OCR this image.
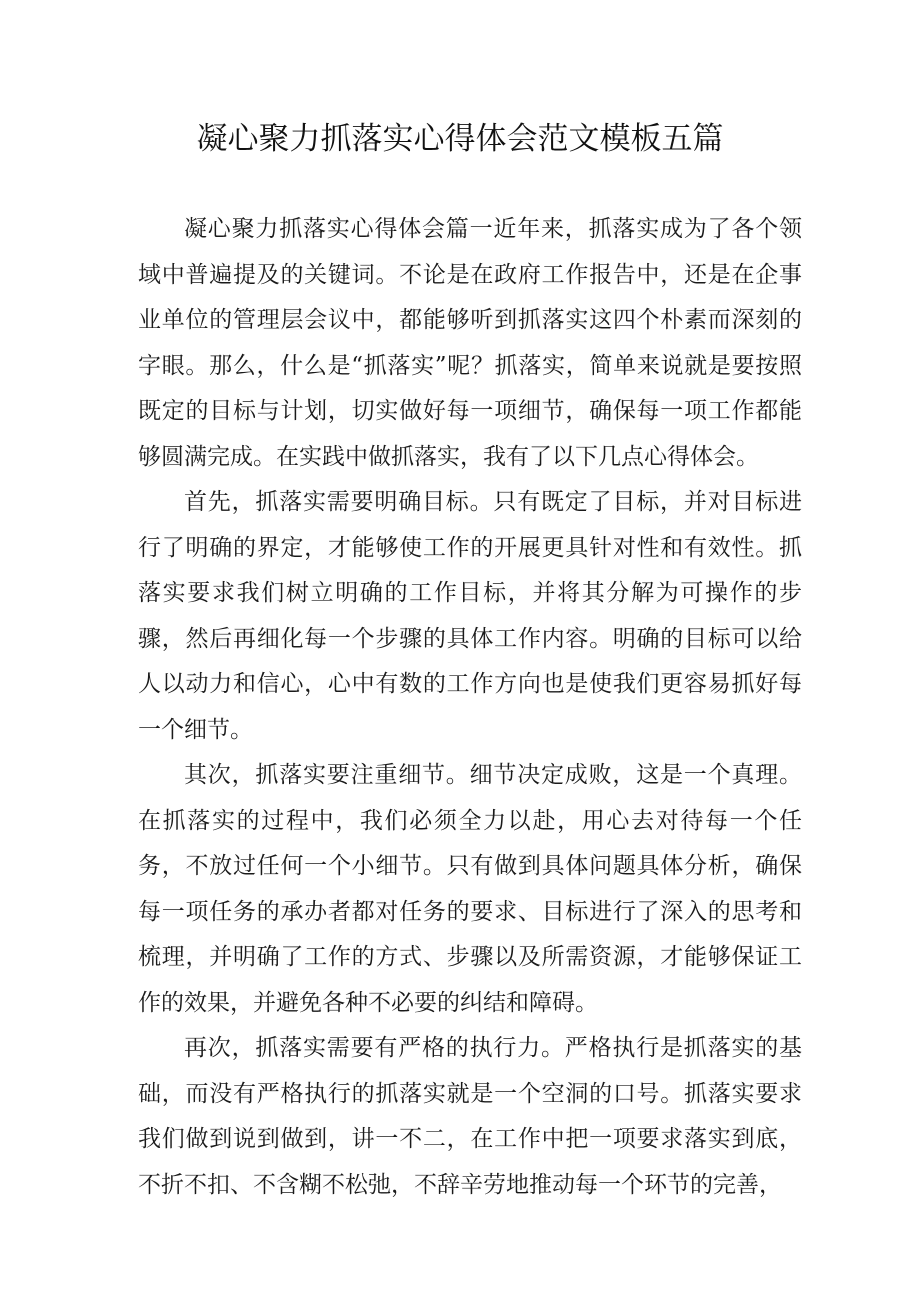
凝心聚力抓落实心得体会范文模板五篇

凝心聚力抓落实心得体会篇一近年来，抓落实成为了各个领域中普遍提及的关键词。不论是在政府工作报告中，还是在企事业单位的管理层会议中，都能够听到抓落实这四个朴素而深刻的字眼。那么，什么是“抓落实”呢？抓落实，简单来说就是要按照既定的目标与计划，切实做好每一项细节，确保每一项工作都能够圆满完成。在实践中做抓落实，我有了以下几点心得体会。

首先，抓落实需要明确目标。只有既定了目标，并对目标进行了明确的界定，才能够使工作的开展更具针对性和有效性。抓落实要求我们树立明确的工作目标，并将其分解为可操作的步骤，然后再细化每一个步骤的具体工作内容。明确的目标可以给人以动力和信心，心中有数的工作方向也是使我们更容易抓好每一个细节。

其次，抓落实要注重细节。细节决定成败，这是一个真理。在抓落实的过程中，我们必须全力以赴，用心去对待每一个任务，不放过任何一个小细节。只有做到具体问题具体分析，确保每一项任务的承办者都对任务的要求、目标进行了深入的思考和梳理，并明确了工作的方式、步骤以及所需资源，才能够保证工作的效果，并避免各种不必要的纠结和障碍。

再次，抓落实需要有严格的执行力。严格执行是抓落实的基础，而没有严格执行的抓落实就是一个空洞的口号。抓落实要求我们做到说到做到，讲一不二，在工作中把一项要求落实到底，不折不扣、不含糊不松弛，不辞辛劳地推动每一个环节的完善，
